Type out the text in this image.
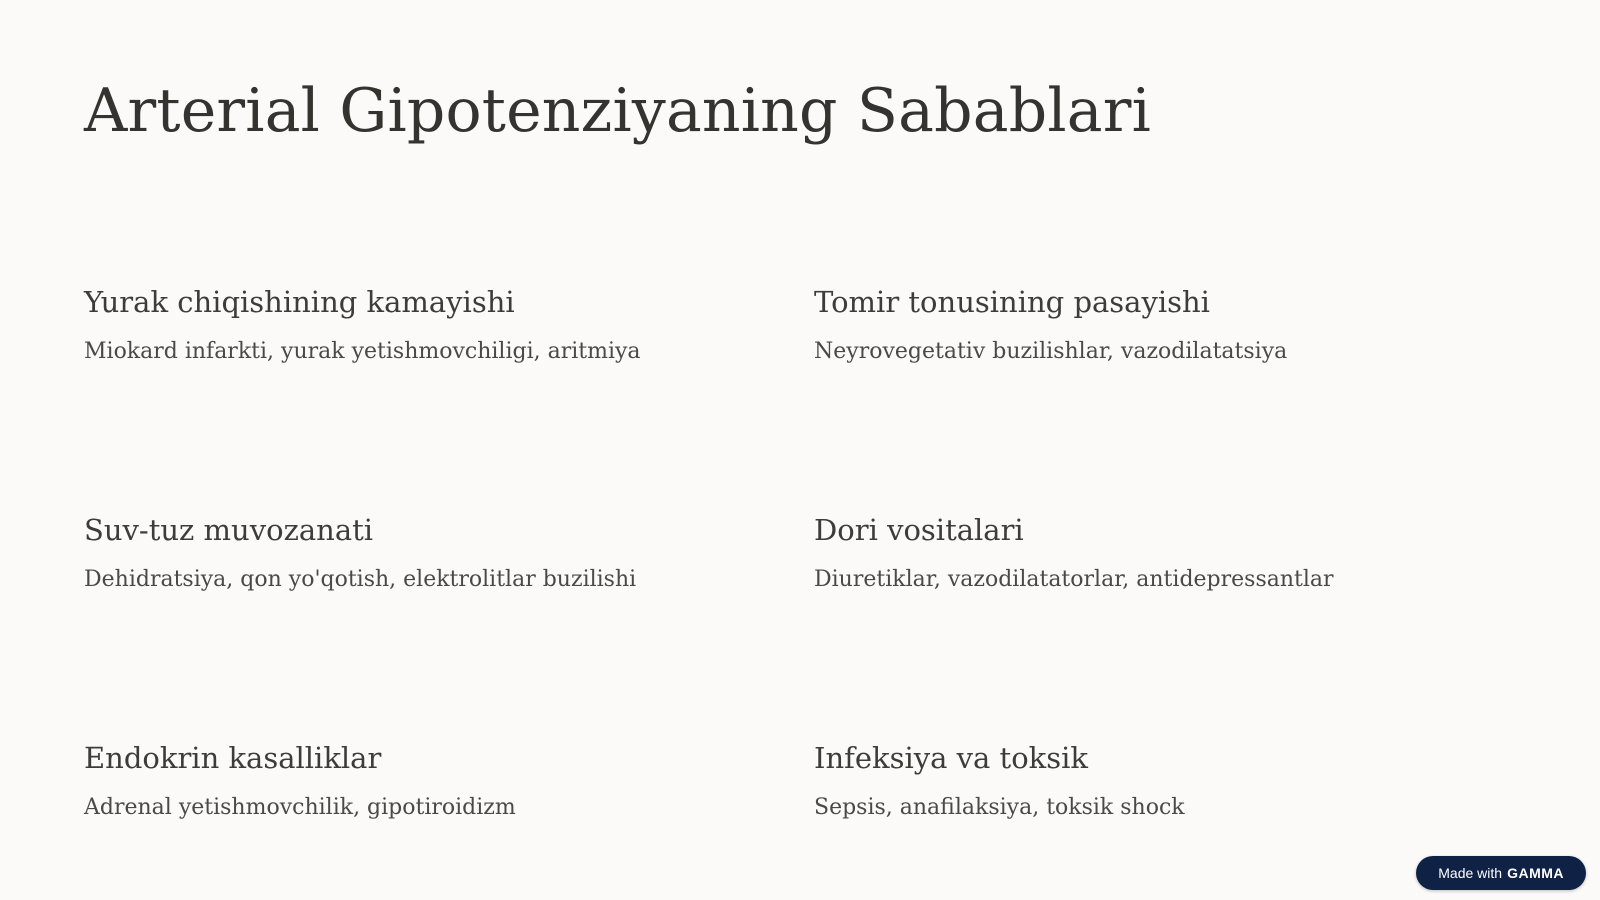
Arterial Gipotenziyaning Sabablari
Yurak chiqishining kamayishi

Miokard infarkti, yurak yetishmovchiligi, aritmiya

Tomir tonusining pasayishi

Neyrovegetativ buzilishlar, vazodilatatsiya

Suv-tuz muvozanati

Dehidratsiya, qon yo'qotish, elektrolitlar buzilishi

Dori vositalari

Diuretiklar, vazodilatatorlar, antidepressantlar

Endokrin kasalliklar

Adrenal yetishmovchilik, gipotiroidizm

Infeksiya va toksik

Sepsis, anafilaksiya, toksik shock

Made with GAMMA
